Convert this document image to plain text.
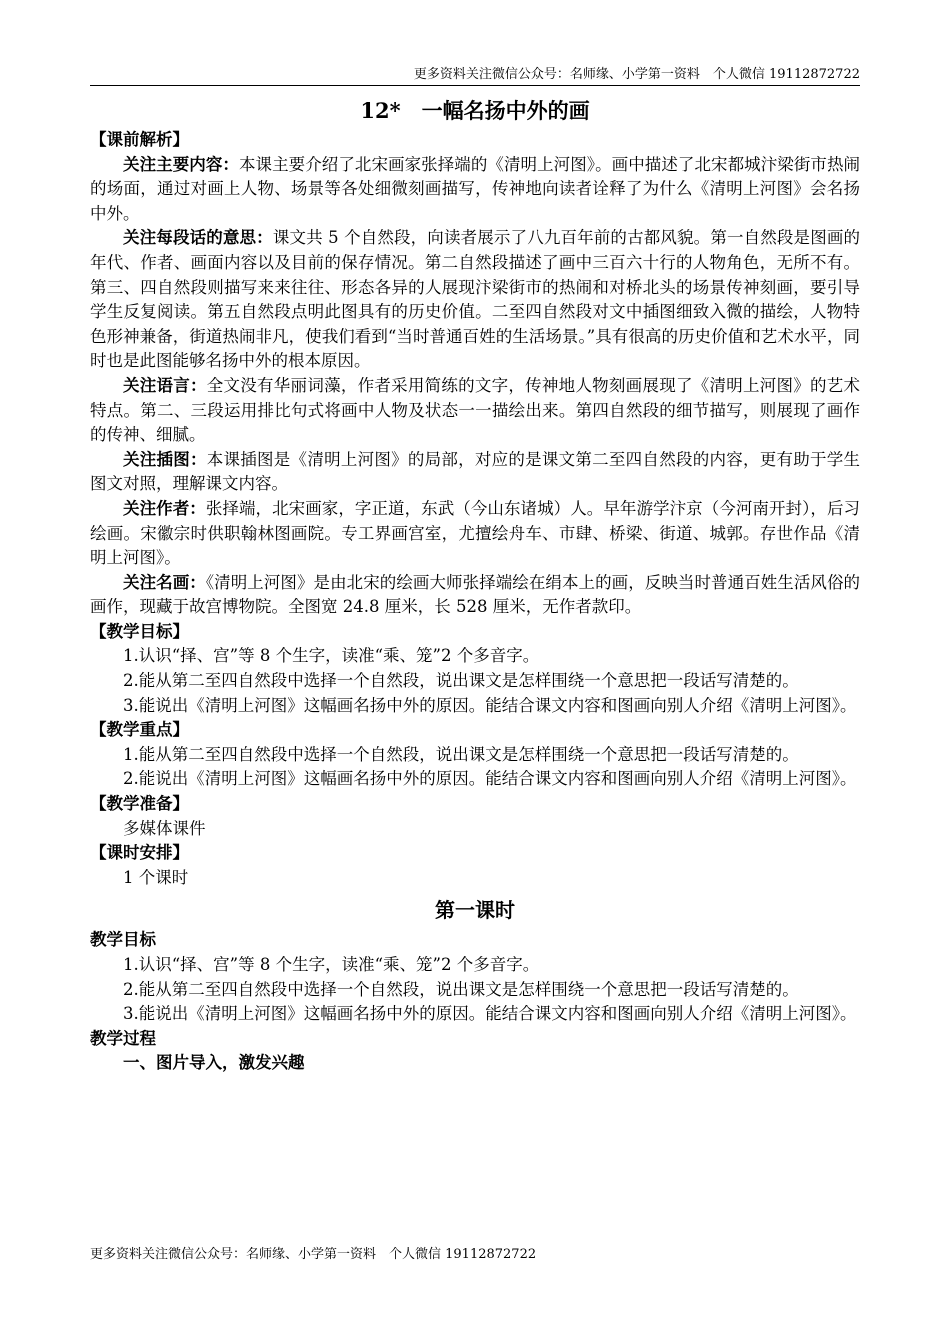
更多资料关注微信公众号：名师缘、小学第一资料　个人微信 19112872722
12*　一幅名扬中外的画
【课前解析】

关注主要内容：本课主要介绍了北宋画家张择端的《清明上河图》。画中描述了北宋都城汴梁街市热闹的场面，通过对画上人物、场景等各处细微刻画描写，传神地向读者诠释了为什么《清明上河图》会名扬中外。

关注每段话的意思：课文共 5 个自然段，向读者展示了八九百年前的古都风貌。第一自然段是图画的年代、作者、画面内容以及目前的保存情况。第二自然段描述了画中三百六十行的人物角色，无所不有。第三、四自然段则描写来来往往、形态各异的人展现汴梁街市的热闹和对桥北头的场景传神刻画，要引导学生反复阅读。第五自然段点明此图具有的历史价值。二至四自然段对文中插图细致入微的描绘，人物特色形神兼备，街道热闹非凡，使我们看到“当时普通百姓的生活场景。”具有很高的历史价值和艺术水平，同时也是此图能够名扬中外的根本原因。

关注语言：全文没有华丽词藻，作者采用简练的文字，传神地人物刻画展现了《清明上河图》的艺术特点。第二、三段运用排比句式将画中人物及状态一一描绘出来。第四自然段的细节描写，则展现了画作的传神、细腻。

关注插图：本课插图是《清明上河图》的局部，对应的是课文第二至四自然段的内容，更有助于学生图文对照，理解课文内容。

关注作者：张择端，北宋画家，字正道，东武（今山东诸城）人。早年游学汴京（今河南开封），后习绘画。宋徽宗时供职翰林图画院。专工界画宫室，尤擅绘舟车、市肆、桥梁、街道、城郭。存世作品《清明上河图》。

关注名画：《清明上河图》是由北宋的绘画大师张择端绘在绢本上的画，反映当时普通百姓生活风俗的画作，现藏于故宫博物院。全图宽 24.8 厘米，长 528 厘米，无作者款印。

【教学目标】

1.认识“择、宫”等 8 个生字，读准“乘、笼”2 个多音字。

2.能从第二至四自然段中选择一个自然段，说出课文是怎样围绕一个意思把一段话写清楚的。

3.能说出《清明上河图》这幅画名扬中外的原因。能结合课文内容和图画向别人介绍《清明上河图》。

【教学重点】

1.能从第二至四自然段中选择一个自然段，说出课文是怎样围绕一个意思把一段话写清楚的。

2.能说出《清明上河图》这幅画名扬中外的原因。能结合课文内容和图画向别人介绍《清明上河图》。

【教学准备】

多媒体课件

【课时安排】

1 个课时

第一课时
教学目标

1.认识“择、宫”等 8 个生字，读准“乘、笼”2 个多音字。

2.能从第二至四自然段中选择一个自然段，说出课文是怎样围绕一个意思把一段话写清楚的。

3.能说出《清明上河图》这幅画名扬中外的原因。能结合课文内容和图画向别人介绍《清明上河图》。

教学过程
一、图片导入，激发兴趣
更多资料关注微信公众号：名师缘、小学第一资料　个人微信 19112872722
